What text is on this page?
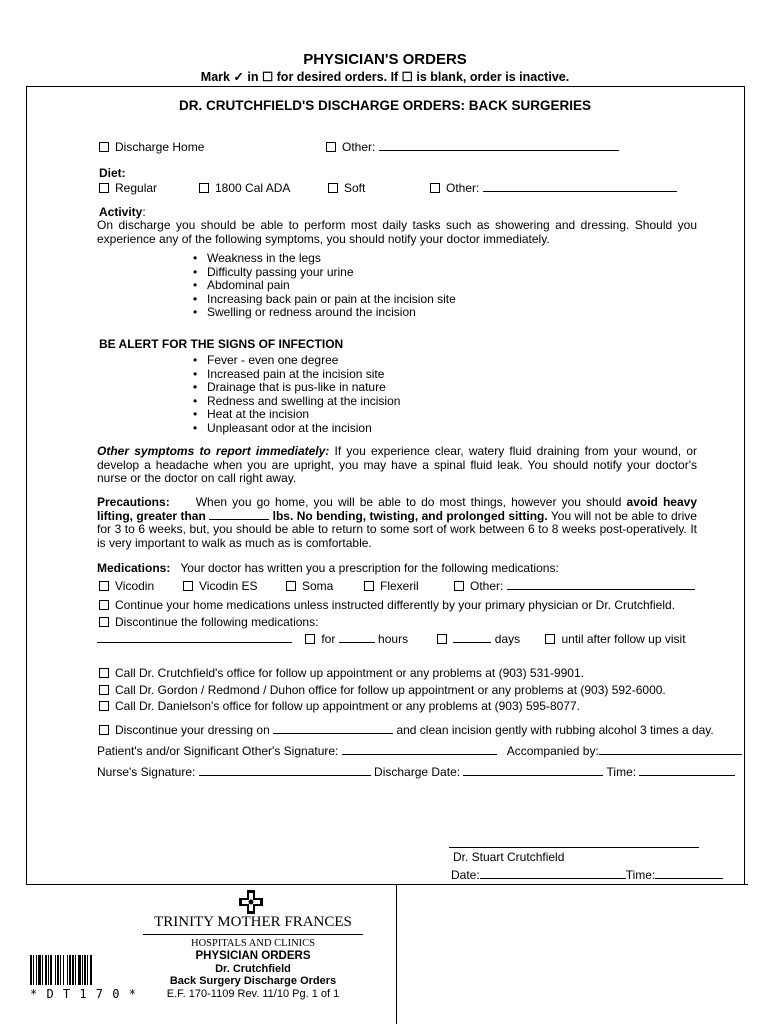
PHYSICIAN'S ORDERS
Mark ✓ in ☐ for desired orders. If ☐ is blank, order is inactive.
DR. CRUTCHFIELD'S DISCHARGE ORDERS: BACK SURGERIES
Discharge Home	Other:
Diet:
Regular	1800 Cal ADA	Soft	Other:
Activity:
On discharge you should be able to perform most daily tasks such as showering and dressing. Should you experience any of the following symptoms, you should notify your doctor immediately.
• Weakness in the legs
• Difficulty passing your urine
• Abdominal pain
• Increasing back pain or pain at the incision site
• Swelling or redness around the incision
BE ALERT FOR THE SIGNS OF INFECTION
• Fever - even one degree
• Increased pain at the incision site
• Drainage that is pus-like in nature
• Redness and swelling at the incision
• Heat at the incision
• Unpleasant odor at the incision
Other symptoms to report immediately: If you experience clear, watery fluid draining from your wound, or develop a headache when you are upright, you may have a spinal fluid leak. You should notify your doctor's nurse or the doctor on call right away.
Precautions: When you go home, you will be able to do most things, however you should avoid heavy lifting, greater than	lbs. No bending, twisting, and prolonged sitting. You will not be able to drive for 3 to 6 weeks, but, you should be able to return to some sort of work between 6 to 8 weeks post-operatively. It is very important to walk as much as is comfortable.
Medications: Your doctor has written you a prescription for the following medications:
Vicodin	Vicodin ES	Soma	Flexeril	Other:
Continue your home medications unless instructed differently by your primary physician or Dr. Crutchfield.
Discontinue the following medications:
for	hours	days	until after follow up visit
Call Dr. Crutchfield's office for follow up appointment or any problems at (903) 531-9901.
Call Dr. Gordon / Redmond / Duhon office for follow up appointment or any problems at (903) 592-6000.
Call Dr. Danielson's office for follow up appointment or any problems at (903) 595-8077.
Discontinue your dressing on	and clean incision gently with rubbing alcohol 3 times a day.
Patient's and/or Significant Other's Signature:	Accompanied by:
Nurse's Signature:	Discharge Date:	Time:
Dr. Stuart Crutchfield
Date:	Time:
TRINITY MOTHER FRANCES
HOSPITALS AND CLINICS
PHYSICIAN ORDERS
Dr. Crutchfield
Back Surgery Discharge Orders
E.F. 170-1109 Rev. 11/10 Pg. 1 of 1
* D T 1 7 0 *
